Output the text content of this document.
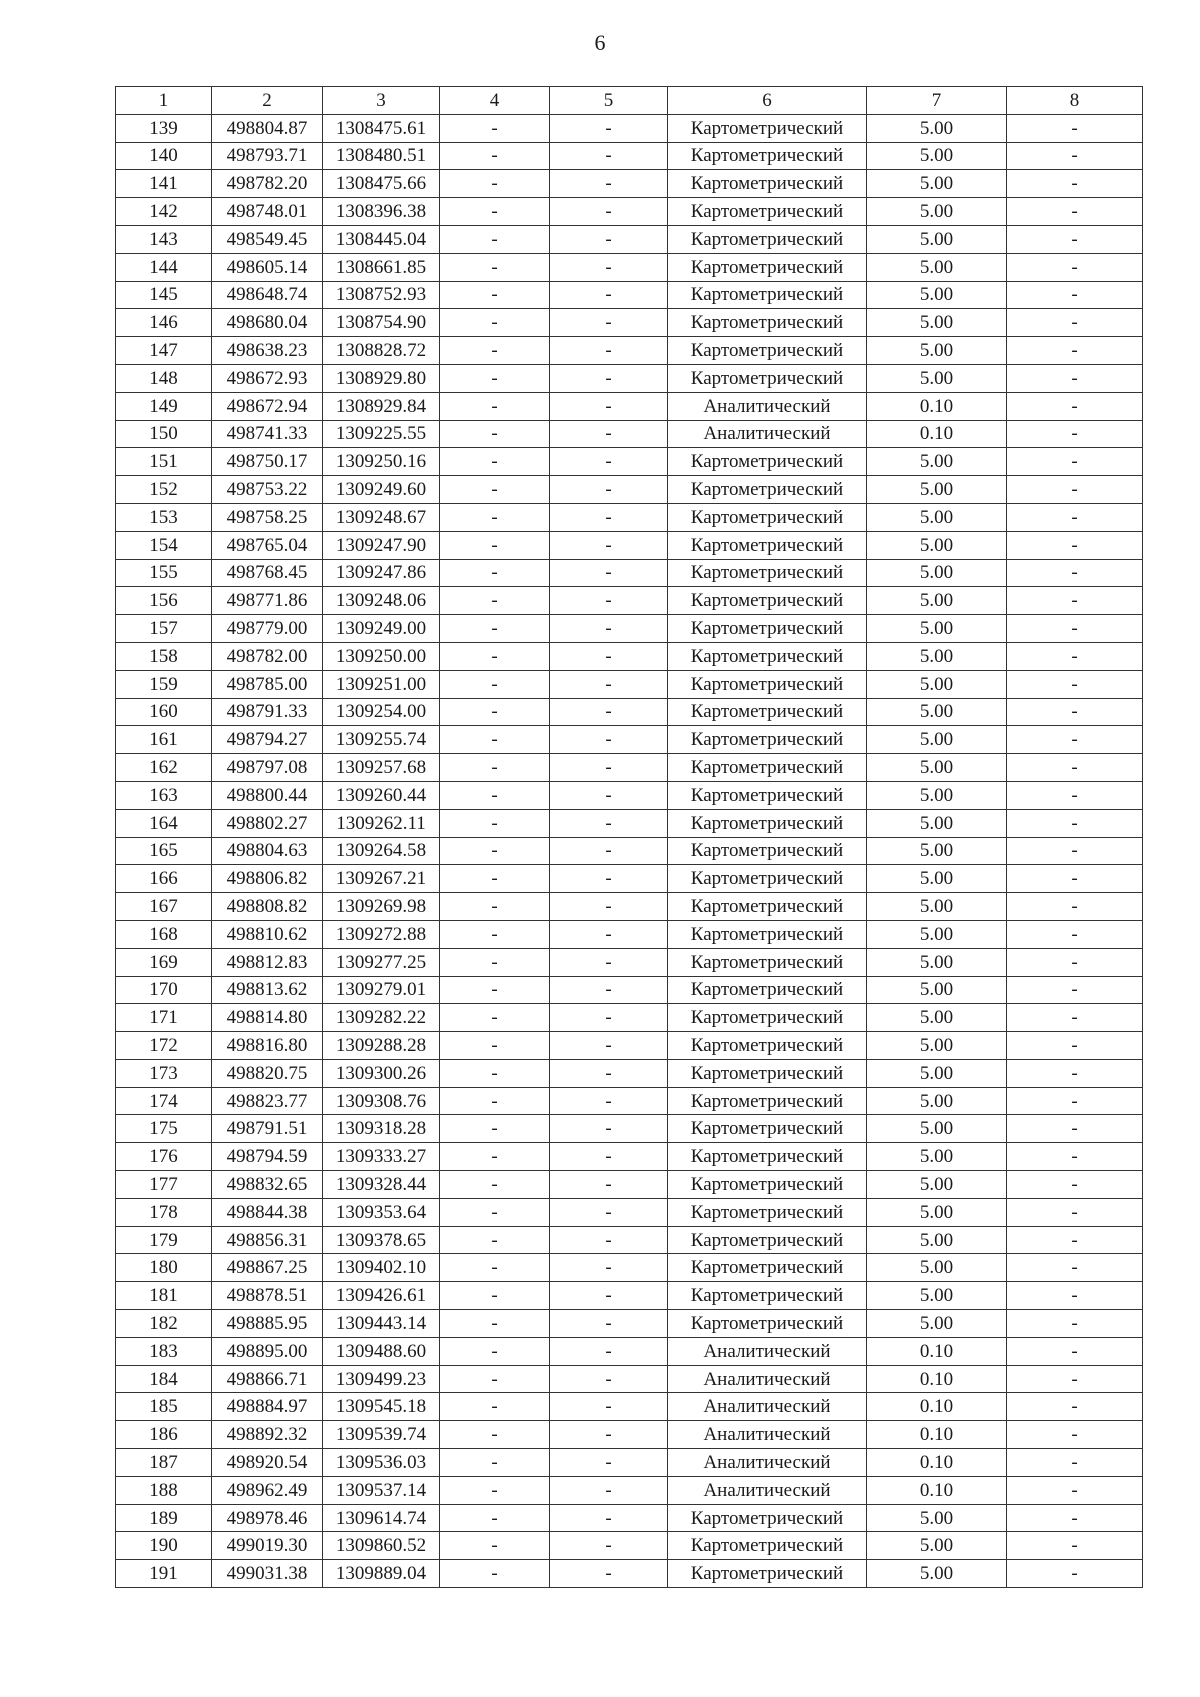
6
1	2	3	4	5	6	7	8
139	498804.87	1308475.61	-	-	Картометрический	5.00	-
140	498793.71	1308480.51	-	-	Картометрический	5.00	-
141	498782.20	1308475.66	-	-	Картометрический	5.00	-
142	498748.01	1308396.38	-	-	Картометрический	5.00	-
143	498549.45	1308445.04	-	-	Картометрический	5.00	-
144	498605.14	1308661.85	-	-	Картометрический	5.00	-
145	498648.74	1308752.93	-	-	Картометрический	5.00	-
146	498680.04	1308754.90	-	-	Картометрический	5.00	-
147	498638.23	1308828.72	-	-	Картометрический	5.00	-
148	498672.93	1308929.80	-	-	Картометрический	5.00	-
149	498672.94	1308929.84	-	-	Аналитический	0.10	-
150	498741.33	1309225.55	-	-	Аналитический	0.10	-
151	498750.17	1309250.16	-	-	Картометрический	5.00	-
152	498753.22	1309249.60	-	-	Картометрический	5.00	-
153	498758.25	1309248.67	-	-	Картометрический	5.00	-
154	498765.04	1309247.90	-	-	Картометрический	5.00	-
155	498768.45	1309247.86	-	-	Картометрический	5.00	-
156	498771.86	1309248.06	-	-	Картометрический	5.00	-
157	498779.00	1309249.00	-	-	Картометрический	5.00	-
158	498782.00	1309250.00	-	-	Картометрический	5.00	-
159	498785.00	1309251.00	-	-	Картометрический	5.00	-
160	498791.33	1309254.00	-	-	Картометрический	5.00	-
161	498794.27	1309255.74	-	-	Картометрический	5.00	-
162	498797.08	1309257.68	-	-	Картометрический	5.00	-
163	498800.44	1309260.44	-	-	Картометрический	5.00	-
164	498802.27	1309262.11	-	-	Картометрический	5.00	-
165	498804.63	1309264.58	-	-	Картометрический	5.00	-
166	498806.82	1309267.21	-	-	Картометрический	5.00	-
167	498808.82	1309269.98	-	-	Картометрический	5.00	-
168	498810.62	1309272.88	-	-	Картометрический	5.00	-
169	498812.83	1309277.25	-	-	Картометрический	5.00	-
170	498813.62	1309279.01	-	-	Картометрический	5.00	-
171	498814.80	1309282.22	-	-	Картометрический	5.00	-
172	498816.80	1309288.28	-	-	Картометрический	5.00	-
173	498820.75	1309300.26	-	-	Картометрический	5.00	-
174	498823.77	1309308.76	-	-	Картометрический	5.00	-
175	498791.51	1309318.28	-	-	Картометрический	5.00	-
176	498794.59	1309333.27	-	-	Картометрический	5.00	-
177	498832.65	1309328.44	-	-	Картометрический	5.00	-
178	498844.38	1309353.64	-	-	Картометрический	5.00	-
179	498856.31	1309378.65	-	-	Картометрический	5.00	-
180	498867.25	1309402.10	-	-	Картометрический	5.00	-
181	498878.51	1309426.61	-	-	Картометрический	5.00	-
182	498885.95	1309443.14	-	-	Картометрический	5.00	-
183	498895.00	1309488.60	-	-	Аналитический	0.10	-
184	498866.71	1309499.23	-	-	Аналитический	0.10	-
185	498884.97	1309545.18	-	-	Аналитический	0.10	-
186	498892.32	1309539.74	-	-	Аналитический	0.10	-
187	498920.54	1309536.03	-	-	Аналитический	0.10	-
188	498962.49	1309537.14	-	-	Аналитический	0.10	-
189	498978.46	1309614.74	-	-	Картометрический	5.00	-
190	499019.30	1309860.52	-	-	Картометрический	5.00	-
191	499031.38	1309889.04	-	-	Картометрический	5.00	-
